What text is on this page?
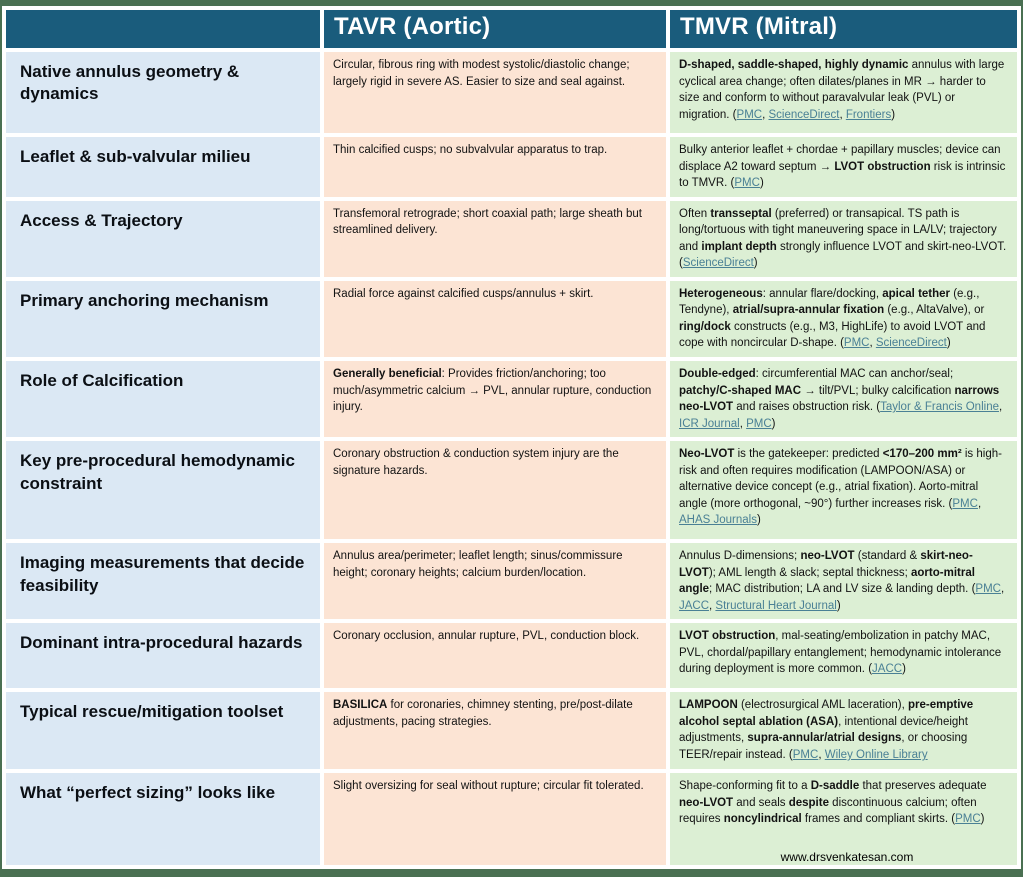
	TAVR (Aortic)	TMVR (Mitral)
Native annulus geometry & dynamics	Circular, fibrous ring with modest systolic/diastolic change; largely rigid in severe AS. Easier to size and seal against.	D-shaped, saddle-shaped, highly dynamic annulus with large cyclical area change; often dilates/planes in MR → harder to size and conform to without paravalvular leak (PVL) or migration. (PMC, ScienceDirect, Frontiers)
Leaflet & sub-valvular milieu	Thin calcified cusps; no subvalvular apparatus to trap.	Bulky anterior leaflet + chordae + papillary muscles; device can displace A2 toward septum → LVOT obstruction risk is intrinsic to TMVR. (PMC)
Access & Trajectory	Transfemoral retrograde; short coaxial path; large sheath but streamlined delivery.	Often transseptal (preferred) or transapical. TS path is long/tortuous with tight maneuvering space in LA/LV; trajectory and implant depth strongly influence LVOT and skirt-neo-LVOT. (ScienceDirect)
Primary anchoring mechanism	Radial force against calcified cusps/annulus + skirt.	Heterogeneous: annular flare/docking, apical tether (e.g., Tendyne), atrial/supra-annular fixation (e.g., AltaValve), or ring/dock constructs (e.g., M3, HighLife) to avoid LVOT and cope with noncircular D-shape. (PMC, ScienceDirect)
Role of Calcification	Generally beneficial: Provides friction/anchoring; too much/asymmetric calcium → PVL, annular rupture, conduction injury.	Double-edged: circumferential MAC can anchor/seal; patchy/C-shaped MAC → tilt/PVL; bulky calcification narrows neo-LVOT and raises obstruction risk. (Taylor & Francis Online, ICR Journal, PMC)
Key pre-procedural hemodynamic constraint	Coronary obstruction & conduction system injury are the signature hazards.	Neo-LVOT is the gatekeeper: predicted <170–200 mm² is high-risk and often requires modification (LAMPOON/ASA) or alternative device concept (e.g., atrial fixation). Aorto-mitral angle (more orthogonal, ~90°) further increases risk. (PMC, AHAS Journals)
Imaging measurements that decide feasibility	Annulus area/perimeter; leaflet length; sinus/commissure height; coronary heights; calcium burden/location.	Annulus D-dimensions; neo-LVOT (standard & skirt-neo-LVOT); AML length & slack; septal thickness; aorto-mitral angle; MAC distribution; LA and LV size & landing depth. (PMC, JACC, Structural Heart Journal)
Dominant intra-procedural hazards	Coronary occlusion, annular rupture, PVL, conduction block.	LVOT obstruction, mal-seating/embolization in patchy MAC, PVL, chordal/papillary entanglement; hemodynamic intolerance during deployment is more common. (JACC)
Typical rescue/mitigation toolset	BASILICA for coronaries, chimney stenting, pre/post-dilate adjustments, pacing strategies.	LAMPOON (electrosurgical AML laceration), pre-emptive alcohol septal ablation (ASA), intentional device/height adjustments, supra-annular/atrial designs, or choosing TEER/repair instead. (PMC, Wiley Online Library
What “perfect sizing” looks like	Slight oversizing for seal without rupture; circular fit tolerated.	Shape-conforming fit to a D-saddle that preserves adequate neo-LVOT and seals despite discontinuous calcium; often requires noncylindrical frames and compliant skirts. (PMC)
www.drsvenkatesan.com
